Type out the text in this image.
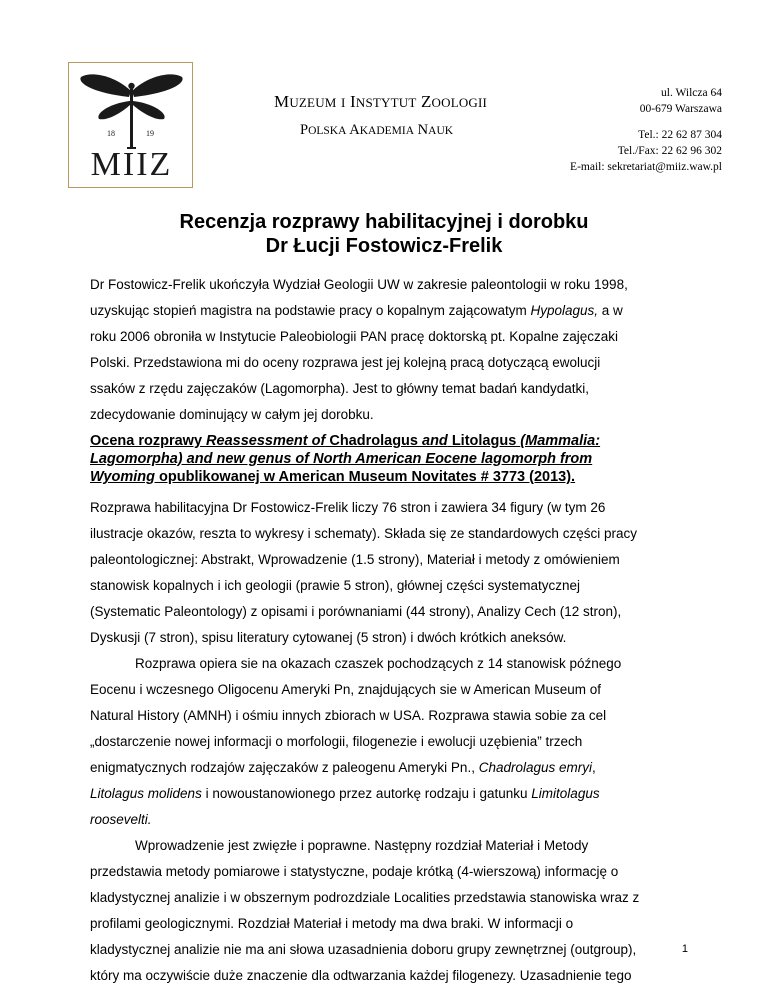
18	19
MIIZ
MUZEUM I INSTYTUT ZOOLOGII
POLSKA AKADEMIA NAUK
ul. Wilcza 64
00-679 Warszawa
Tel.: 22 62 87 304
Tel./Fax: 22 62 96 302
E-mail: sekretariat@miiz.waw.pl
Recenzja rozprawy habilitacyjnej i dorobku
Dr Łucji Fostowicz-Frelik
Dr Fostowicz-Frelik ukończyła Wydział Geologii UW w zakresie paleontologii w roku 1998,
uzyskując stopień magistra na podstawie pracy o kopalnym zającowatym Hypolagus, a w
roku 2006 obroniła w Instytucie Paleobiologii PAN pracę doktorską pt. Kopalne zajęczaki
Polski. Przedstawiona mi do oceny rozprawa jest jej kolejną pracą dotyczącą ewolucji
ssaków z rzędu zajęczaków (Lagomorpha). Jest to główny temat badań kandydatki,
zdecydowanie dominujący w całym jej dorobku.
Ocena rozprawy Reassessment of Chadrolagus and Litolagus (Mammalia:
Lagomorpha) and new genus of North American Eocene lagomorph from
Wyoming opublikowanej w American Museum Novitates # 3773 (2013).
Rozprawa habilitacyjna Dr Fostowicz-Frelik liczy 76 stron i zawiera 34 figury (w tym 26
ilustracje okazów, reszta to wykresy i schematy). Składa się ze standardowych części pracy
paleontologicznej: Abstrakt, Wprowadzenie (1.5 strony), Materiał i metody z omówieniem
stanowisk kopalnych i ich geologii (prawie 5 stron), głównej części systematycznej
(Systematic Paleontology) z opisami i porównaniami (44 strony), Analizy Cech (12 stron),
Dyskusji (7 stron), spisu literatury cytowanej (5 stron) i dwóch krótkich aneksów.
Rozprawa opiera sie na okazach czaszek pochodzących z 14 stanowisk późnego
Eocenu i wczesnego Oligocenu Ameryki Pn, znajdujących sie w American Museum of
Natural History (AMNH) i ośmiu innych zbiorach w USA. Rozprawa stawia sobie za cel
„dostarczenie nowej informacji o morfologii, filogenezie i ewolucji uzębienia” trzech
enigmatycznych rodzajów zajęczaków z paleogenu Ameryki Pn., Chadrolagus emryi,
Litolagus molidens i nowoustanowionego przez autorkę rodzaju i gatunku Limitolagus
roosevelti.
Wprowadzenie jest zwięzłe i poprawne. Następny rozdział Materiał i Metody
przedstawia metody pomiarowe i statystyczne, podaje krótką (4-wierszową) informację o
kladystycznej analizie i w obszernym podrozdziale Localities przedstawia stanowiska wraz z
profilami geologicznymi. Rozdział Materiał i metody ma dwa braki. W informacji o
kladystycznej analizie nie ma ani słowa uzasadnienia doboru grupy zewnętrznej (outgroup),
który ma oczywiście duże znaczenie dla odtwarzania każdej filogenezy. Uzasadnienie tego
1
